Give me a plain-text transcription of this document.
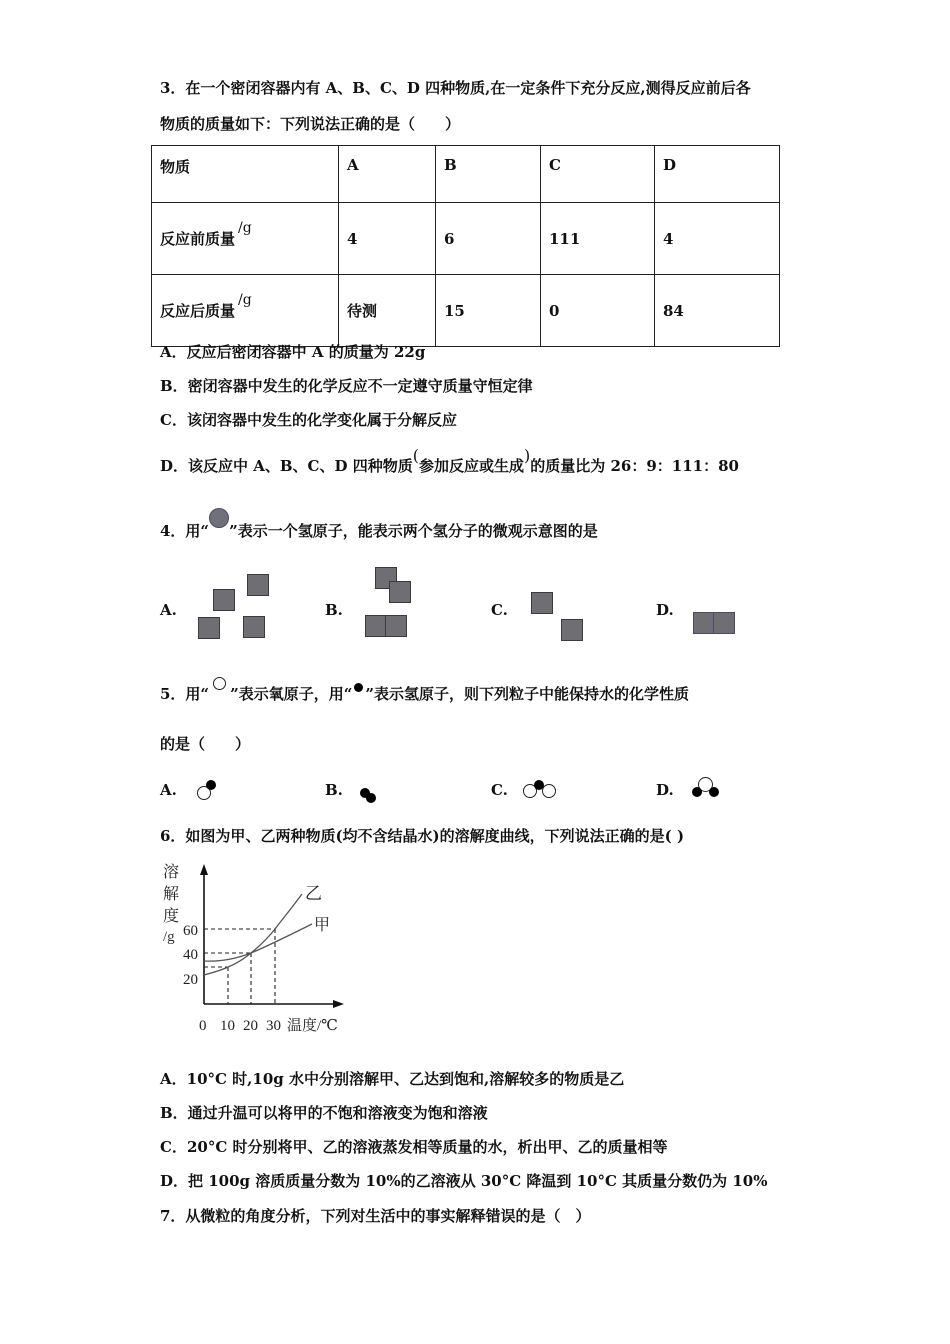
3．在一个密闭容器内有 A、B、C、D 四种物质,在一定条件下充分反应,测得反应前后各
物质的质量如下：下列说法正确的是（　　）
物质	A	B	C	D
反应前质量/g	4	6	111	4
反应后质量/g	待测	15	0	84
A．反应后密闭容器中 A 的质量为 22g
B．密闭容器中发生的化学反应不一定遵守质量守恒定律
C．该闭容器中发生的化学变化属于分解反应
D．该反应中 A、B、C、D 四种物质(参加反应或生成)的质量比为 26：9：111：80
4．用“ ”表示一个氢原子，能表示两个氢分子的微观示意图的是
A.	B.	C.	D.
5．用“ ”表示氧原子，用“ ”表示氢原子，则下列粒子中能保持水的化学性质
的是（　　）
A.	B.	C.	D.
6．如图为甲、乙两种物质(均不含结晶水)的溶解度曲线，下列说法正确的是( )
溶
解
度
/g 60
40
20
乙
甲
0 10 20 30 温度/℃
A．10°C 时,10g 水中分别溶解甲、乙达到饱和,溶解较多的物质是乙
B．通过升温可以将甲的不饱和溶液变为饱和溶液
C．20°C 时分别将甲、乙的溶液蒸发相等质量的水，析出甲、乙的质量相等
D．把 100g 溶质质量分数为 10%的乙溶液从 30°C 降温到 10°C 其质量分数仍为 10%
7．从微粒的角度分析，下列对生活中的事实解释错误的是（　）
